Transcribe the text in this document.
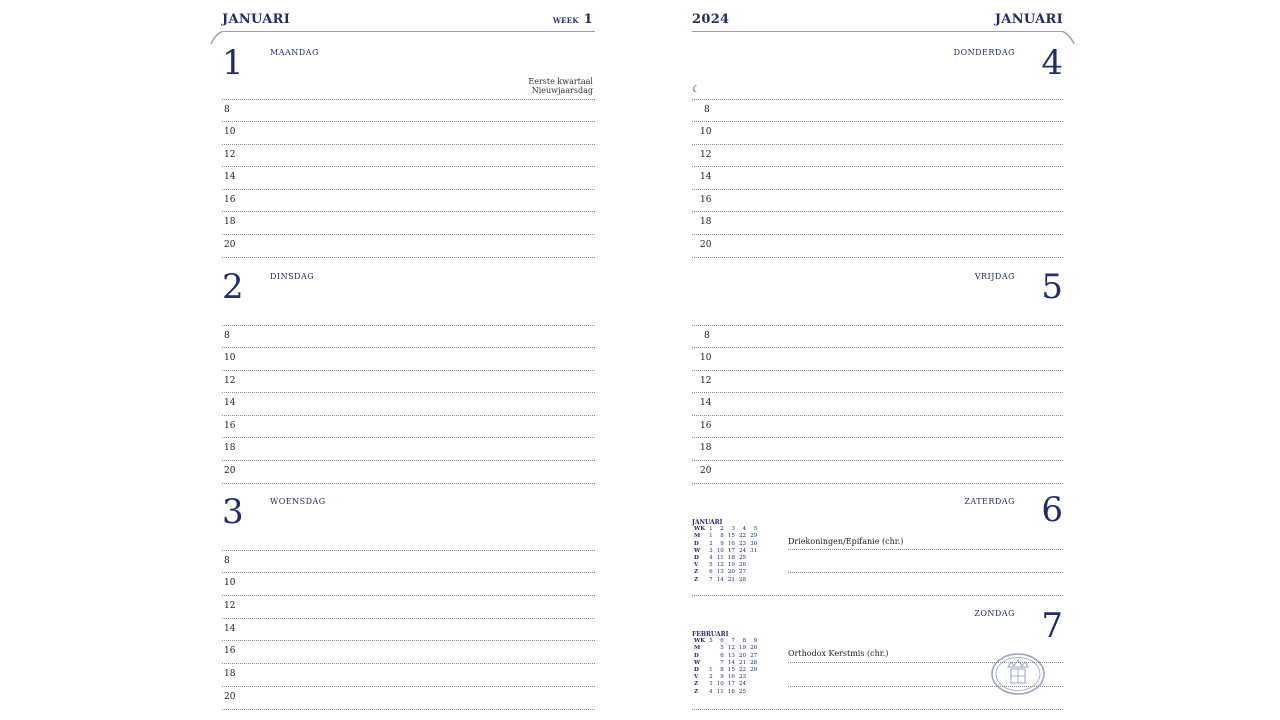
JANUARI	WEEK 1
1	MAANDAG
Eerste kwartaal
Nieuwjaarsdag
2	DINSDAG
3	WOENSDAG
8
10
12
14
16
18
20
8
10
12
14
16
18
20
8
10
12
14
16
18
20
2024	JANUARI
4
DONDERDAG
☾
5
VRIJDAG
6
ZATERDAG
Driekoningen/Epifanie (chr.)
7
ZONDAG
Orthodox Kerstmis (chr.)
JANUARI
WK	1	2	3	4	5
M	1	8	15	22	29
D	2	9	16	23	30
W	3	10	17	24	31
D	4	11	18	25	
V	5	12	19	26	
Z	6	13	20	27	
Z	7	14	21	28	
FEBRUARI
WK	5	6	7	8	9
M		5	12	19	26
D		6	13	20	27
W		7	14	21	28
D	1	8	15	22	29
V	2	9	16	23	
Z	3	10	17	24	
Z	4	11	18	25	
8
10
12
14
16
18
20
8
10
12
14
16
18
20
